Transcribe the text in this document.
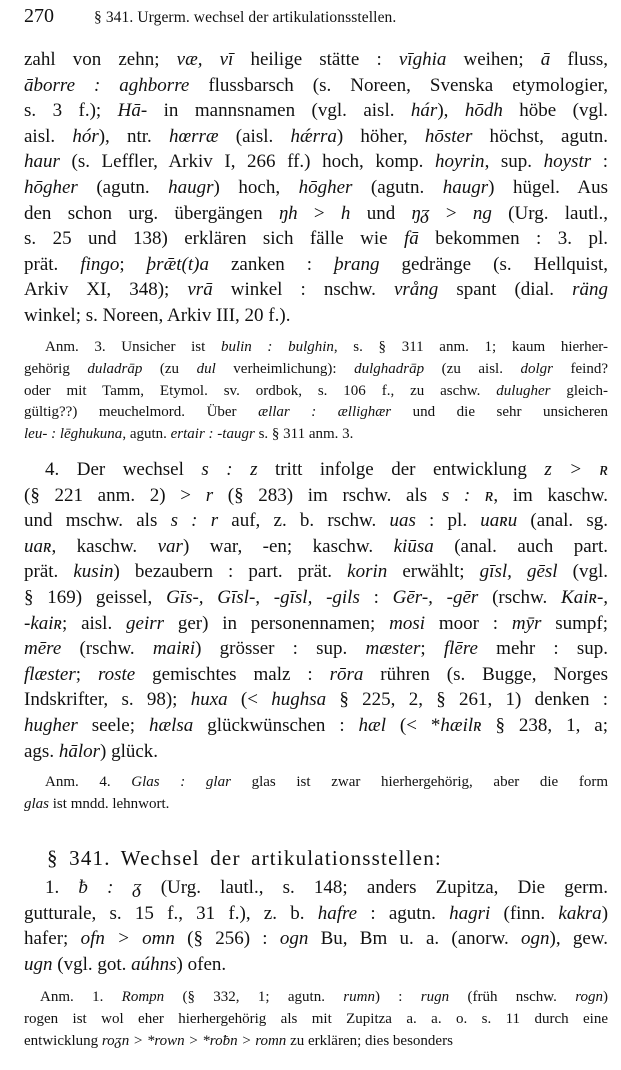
270	§ 341. Urgerm. wechsel der artikulationsstellen.
zahl von zehn; væ, vī heilige stätte : vīghia weihen; ā fluss,
āborre : aghborre flussbarsch (s. Noreen, Svenska etymologier,
s. 3 f.); Hā- in mannsnamen (vgl. aisl. hár), hōdh höbe (vgl.
aisl. hór), ntr. hœrræ (aisl. hǽrra) höher, hōster höchst, agutn.
haur (s. Leffler, Arkiv I, 266 ff.) hoch, komp. hoyrin, sup. hoystr :
hōgher (agutn. haugr) hoch, hōgher (agutn. haugr) hügel. Aus
den schon urg. übergängen ŋh > h und ŋᵹ > ng (Urg. lautl.,
s. 25 und 138) erklären sich fälle wie fā bekommen : 3. pl.
prät. fingo; þrǣt(t)a zanken : þrang gedränge (s. Hellquist,
Arkiv XI, 348); vrā winkel : nschw. vrång spant (dial. räng
winkel; s. Noreen, Arkiv III, 20 f.).
Anm. 3. Unsicher ist bulin : bulghin, s. § 311 anm. 1; kaum hierher-
gehörig duladrāp (zu dul verheimlichung): dulghadrāp (zu aisl. dolgr feind?
oder mit Tamm, Etymol. sv. ordbok, s. 106 f., zu aschw. dulugher gleich-
gültig??) meuchelmord. Über ællar : ællighær und die sehr unsicheren
leu- : lēghukuna, agutn. ertair : -taugr s. § 311 anm. 3.
4. Der wechsel s : z tritt infolge der entwicklung z > ʀ
(§ 221 anm. 2) > r (§ 283) im rschw. als s : ʀ, im kaschw.
und mschw. als s : r auf, z. b. rschw. uas : pl. uaʀu (anal. sg.
uaʀ, kaschw. var) war, -en; kaschw. kiūsa (anal. auch part.
prät. kusin) bezaubern : part. prät. korin erwählt; gīsl, gēsl (vgl.
§ 169) geissel, Gīs-, Gīsl-, -gīsl, -gils : Gēr-, -gēr (rschw. Kaiʀ-,
-kaiʀ; aisl. geirr ger) in personennamen; mosi moor : mȳr sumpf;
mēre (rschw. maiʀi) grösser : sup. mæster; flēre mehr : sup.
flæster; roste gemischtes malz : rōra rühren (s. Bugge, Norges
Indskrifter, s. 98); huxa (< hughsa § 225, 2, § 261, 1) denken :
hugher seele; hælsa glückwünschen : hæl (< *hæilʀ § 238, 1, a;
ags. hālor) glück.
Anm. 4. Glas : glar glas ist zwar hierhergehörig, aber die form
glas ist mndd. lehnwort.
§ 341. Wechsel der artikulationsstellen:
1. ƀ : ᵹ (Urg. lautl., s. 148; anders Zupitza, Die germ.
gutturale, s. 15 f., 31 f.), z. b. hafre : agutn. hagri (finn. kakra)
hafer; ofn > omn (§ 256) : ogn Bu, Bm u. a. (anorw. ogn), gew.
ugn (vgl. got. aúhns) ofen.
Anm. 1. Rompn (§ 332, 1; agutn. rumn) : rugn (früh nschw. rogn)
rogen ist wol eher hierhergehörig als mit Zupitza a. a. o. s. 11 durch eine
entwicklung roᵹn > *rown > *roƀn > romn zu erklären; dies besonders
